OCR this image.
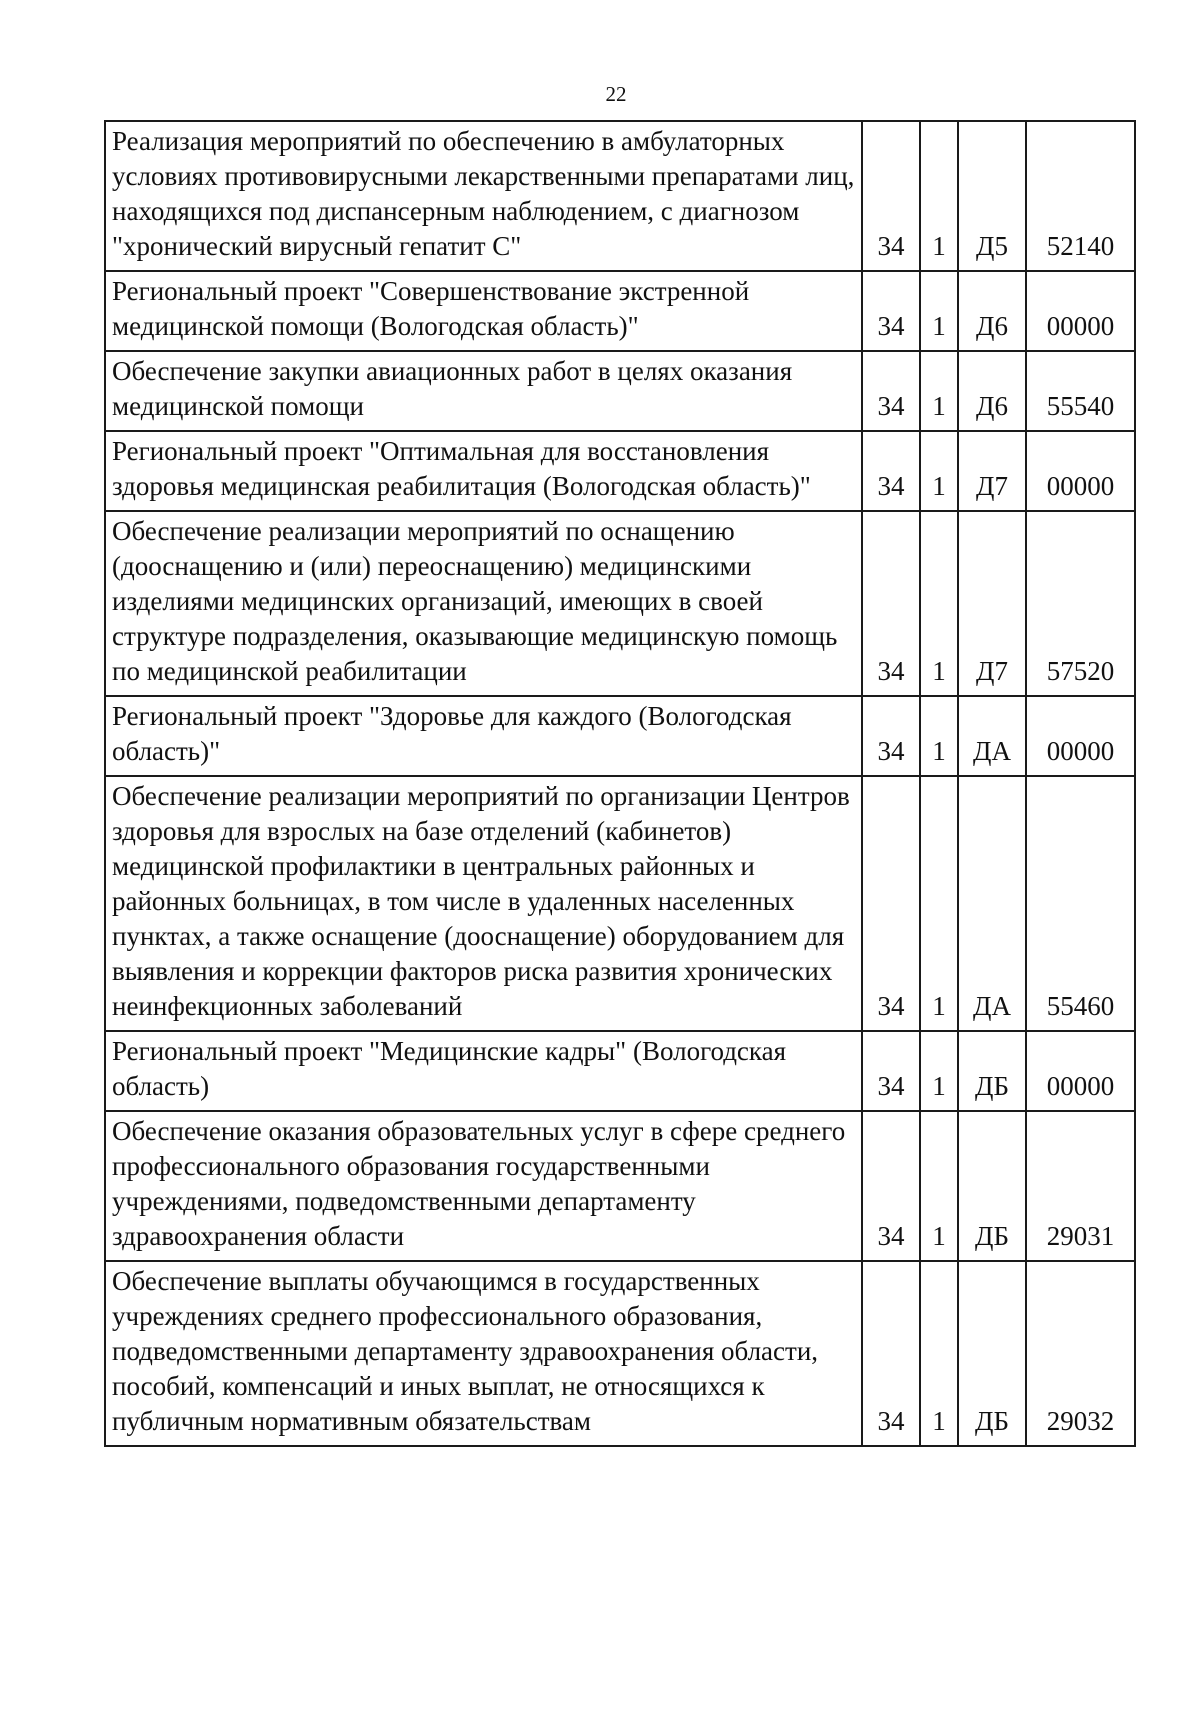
22
Реализация мероприятий по обеспечению в амбулаторных условиях противовирусными лекарственными препаратами лиц, находящихся под диспансерным наблюдением, с диагнозом "хронический вирусный гепатит С"	34	1	Д5	52140
Региональный проект "Совершенствование экстренной медицинской помощи (Вологодская область)"	34	1	Д6	00000
Обеспечение закупки авиационных работ в целях оказания медицинской помощи	34	1	Д6	55540
Региональный проект "Оптимальная для восстановления здоровья медицинская реабилитация (Вологодская область)"	34	1	Д7	00000
Обеспечение реализации мероприятий по оснащению (дооснащению и (или) переоснащению) медицинскими изделиями медицинских организаций, имеющих в своей структуре подразделения, оказывающие медицинскую помощь по медицинской реабилитации	34	1	Д7	57520
Региональный проект "Здоровье для каждого (Вологодская область)"	34	1	ДА	00000
Обеспечение реализации мероприятий по организации Центров здоровья для взрослых на базе отделений (кабинетов) медицинской профилактики в центральных районных и районных больницах, в том числе в удаленных населенных пунктах, а также оснащение (дооснащение) оборудованием для выявления и коррекции факторов риска развития хронических неинфекционных заболеваний	34	1	ДА	55460
Региональный проект "Медицинские кадры" (Вологодская область)	34	1	ДБ	00000
Обеспечение оказания образовательных услуг в сфере среднего профессионального образования государственными учреждениями, подведомственными департаменту здравоохранения области	34	1	ДБ	29031
Обеспечение выплаты обучающимся в государственных учреждениях среднего профессионального образования, подведомственными департаменту здравоохранения области, пособий, компенсаций и иных выплат, не относящихся к публичным нормативным обязательствам	34	1	ДБ	29032
